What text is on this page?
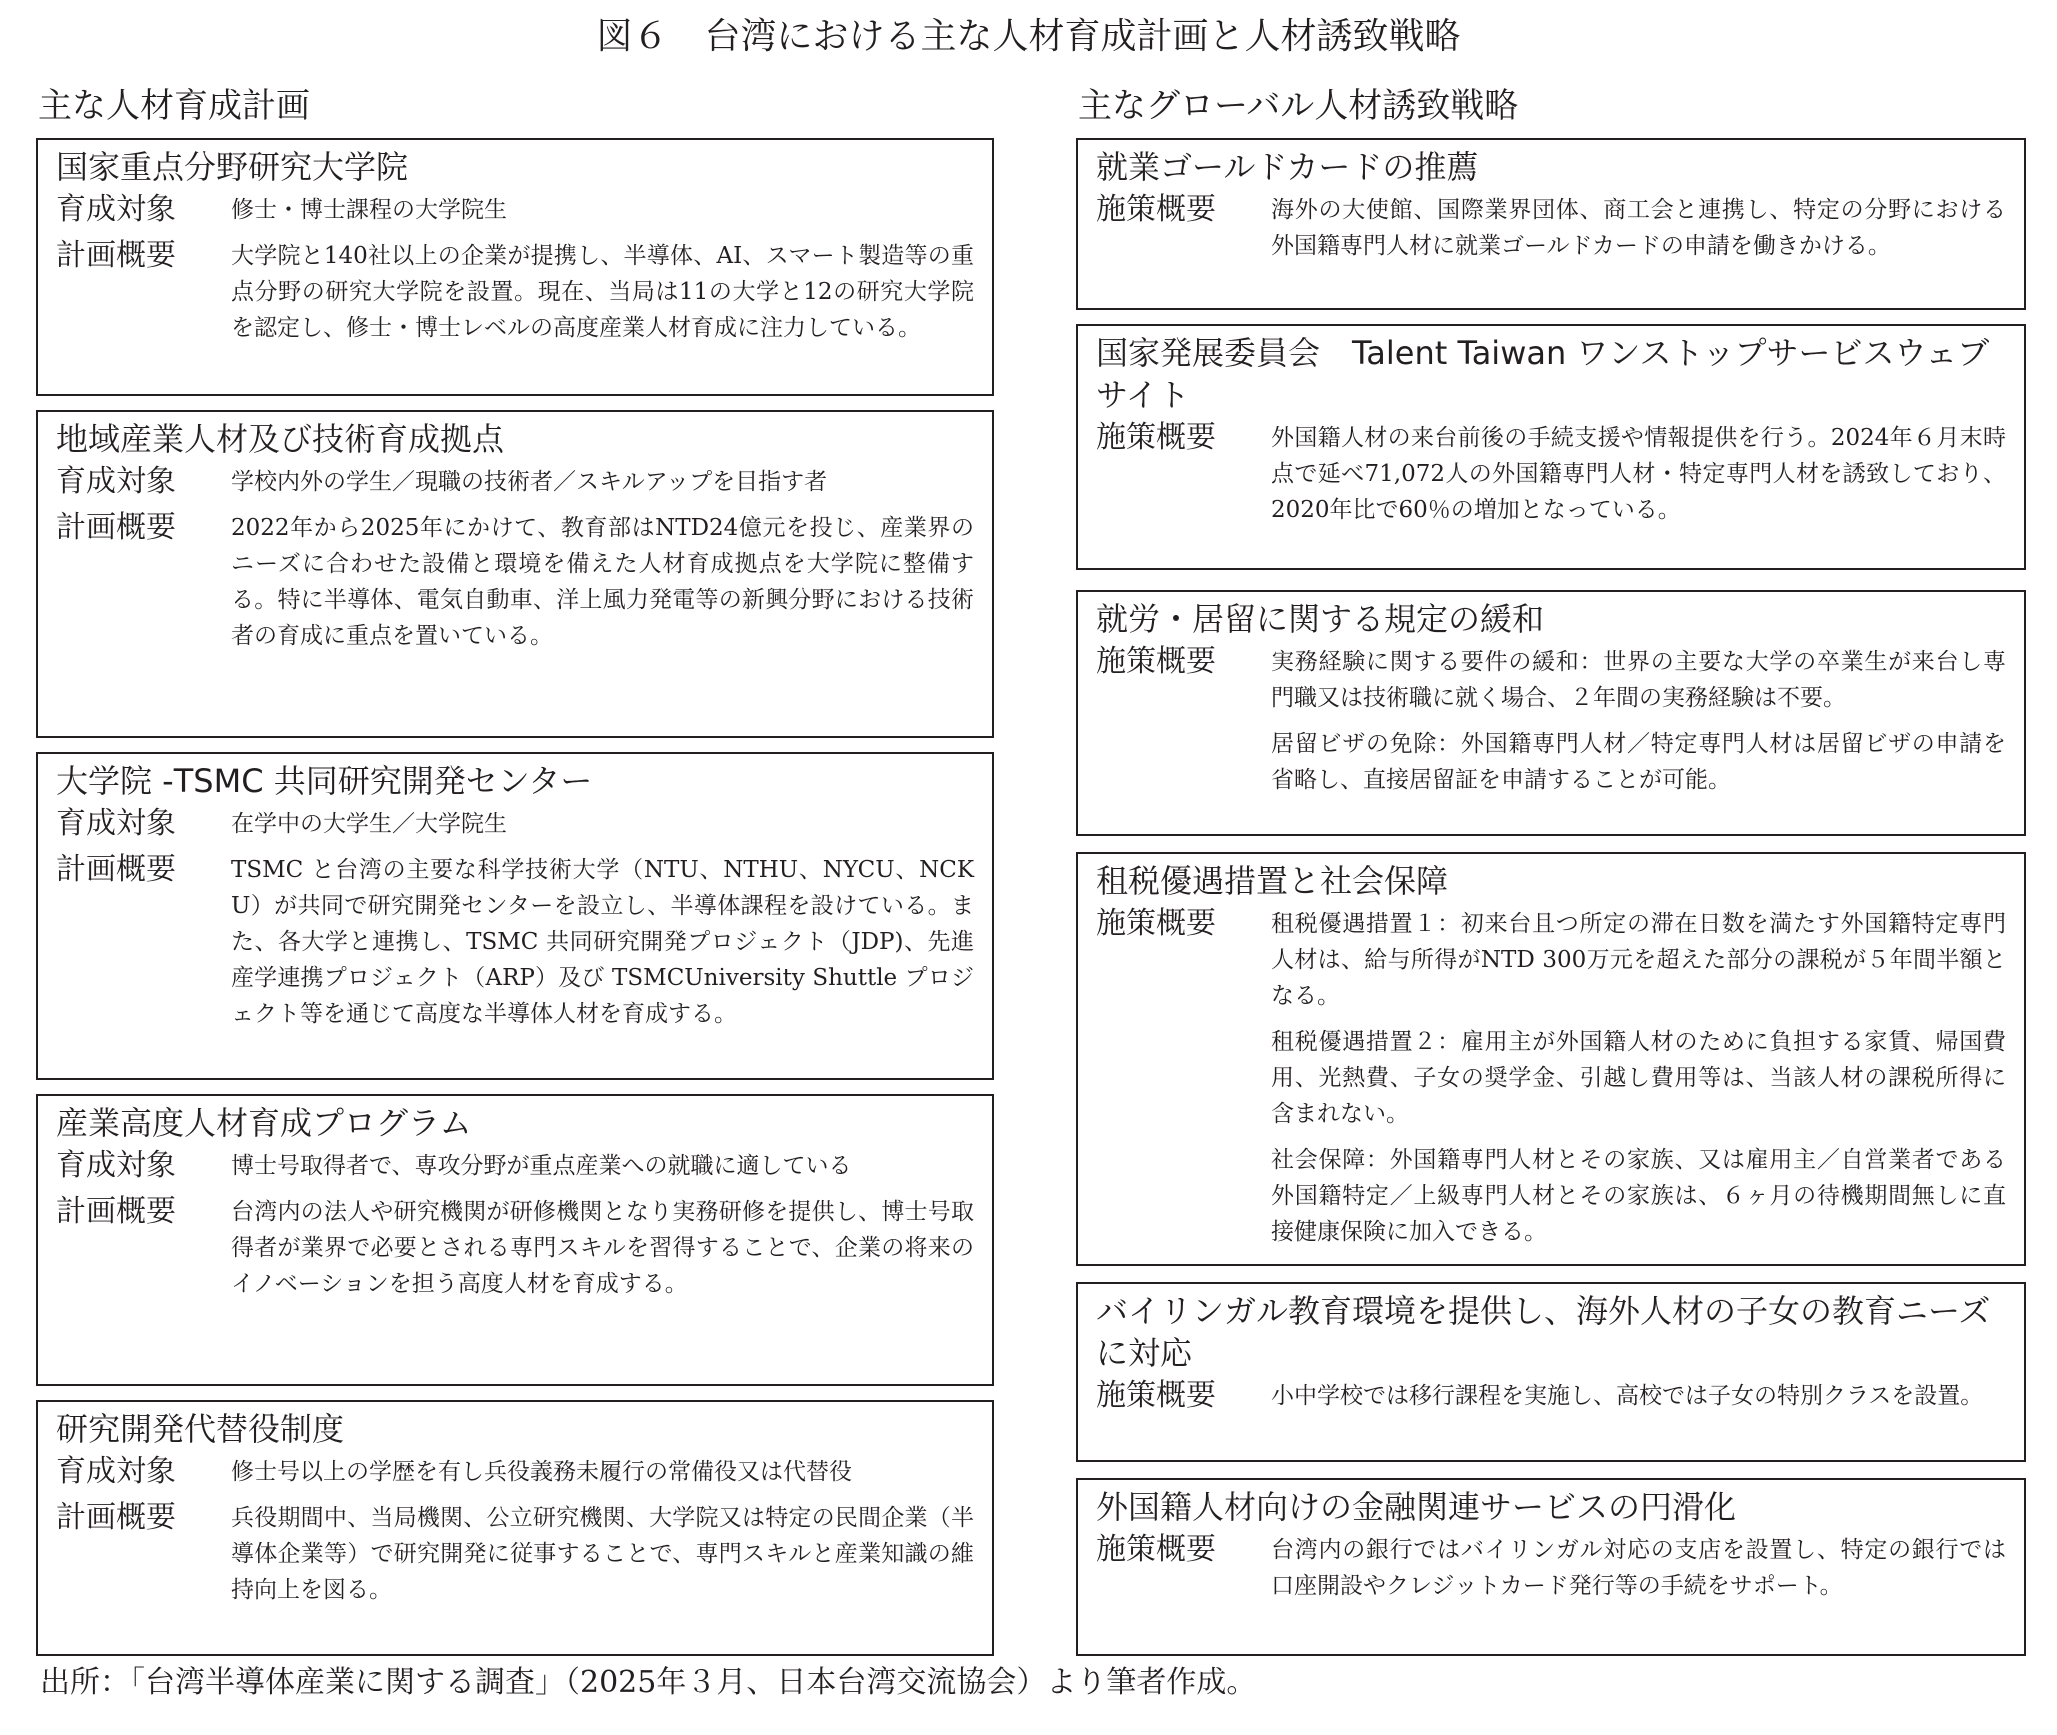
図６　台湾における主な人材育成計画と人材誘致戦略
主な人材育成計画	主なグローバル人材誘致戦略
国家重点分野研究大学院
育成対象	修士・博士課程の大学院生
計画概要	大学院と140社以上の企業が提携し、半導体、AI、スマート製造等の重点分野の研究大学院を設置。現在、当局は11の大学と12の研究大学院を認定し、修士・博士レベルの高度産業人材育成に注力している。
地域産業人材及び技術育成拠点
育成対象	学校内外の学生／現職の技術者／スキルアップを目指す者
計画概要	2022年から2025年にかけて、教育部はNTD24億元を投じ、産業界のニーズに合わせた設備と環境を備えた人材育成拠点を大学院に整備する。特に半導体、電気自動車、洋上風力発電等の新興分野における技術者の育成に重点を置いている。
大学院 -TSMC 共同研究開発センター
育成対象	在学中の大学生／大学院生
計画概要	TSMC と台湾の主要な科学技術大学（NTU、NTHU、NYCU、NCKU）が共同で研究開発センターを設立し、半導体課程を設けている。また、各大学と連携し、TSMC 共同研究開発プロジェクト（JDP)、先進産学連携プロジェクト（ARP）及び TSMCUniversity Shuttle プロジェクト等を通じて高度な半導体人材を育成する。
産業高度人材育成プログラム
育成対象	博士号取得者で、専攻分野が重点産業への就職に適している
計画概要	台湾内の法人や研究機関が研修機関となり実務研修を提供し、博士号取得者が業界で必要とされる専門スキルを習得することで、企業の将来のイノベーションを担う高度人材を育成する。
研究開発代替役制度
育成対象	修士号以上の学歴を有し兵役義務未履行の常備役又は代替役
計画概要	兵役期間中、当局機関、公立研究機関、大学院又は特定の民間企業（半導体企業等）で研究開発に従事することで、専門スキルと産業知識の維持向上を図る。
就業ゴールドカードの推薦
施策概要	海外の大使館、国際業界団体、商工会と連携し、特定の分野における外国籍専門人材に就業ゴールドカードの申請を働きかける。
国家発展委員会　Talent Taiwan ワンストップサービスウェブサイト
施策概要	外国籍人材の来台前後の手続支援や情報提供を行う。2024年６月末時点で延べ71,072人の外国籍専門人材・特定専門人材を誘致しており、2020年比で60％の増加となっている。
就労・居留に関する規定の緩和
施策概要	実務経験に関する要件の緩和：世界の主要な大学の卒業生が来台し専門職又は技術職に就く場合、２年間の実務経験は不要。
居留ビザの免除：外国籍専門人材／特定専門人材は居留ビザの申請を省略し、直接居留証を申請することが可能。
租税優遇措置と社会保障
施策概要	租税優遇措置１：初来台且つ所定の滞在日数を満たす外国籍特定専門人材は、給与所得がNTD 300万元を超えた部分の課税が５年間半額となる。
租税優遇措置２：雇用主が外国籍人材のために負担する家賃、帰国費用、光熱費、子女の奨学金、引越し費用等は、当該人材の課税所得に含まれない。
社会保障：外国籍専門人材とその家族、又は雇用主／自営業者である外国籍特定／上級専門人材とその家族は、６ヶ月の待機期間無しに直接健康保険に加入できる。
バイリンガル教育環境を提供し、海外人材の子女の教育ニーズに対応
施策概要	小中学校では移行課程を実施し、高校では子女の特別クラスを設置。
外国籍人材向けの金融関連サービスの円滑化
施策概要	台湾内の銀行ではバイリンガル対応の支店を設置し、特定の銀行では口座開設やクレジットカード発行等の手続をサポート。
出所：「台湾半導体産業に関する調査」（2025年３月、日本台湾交流協会）より筆者作成。
